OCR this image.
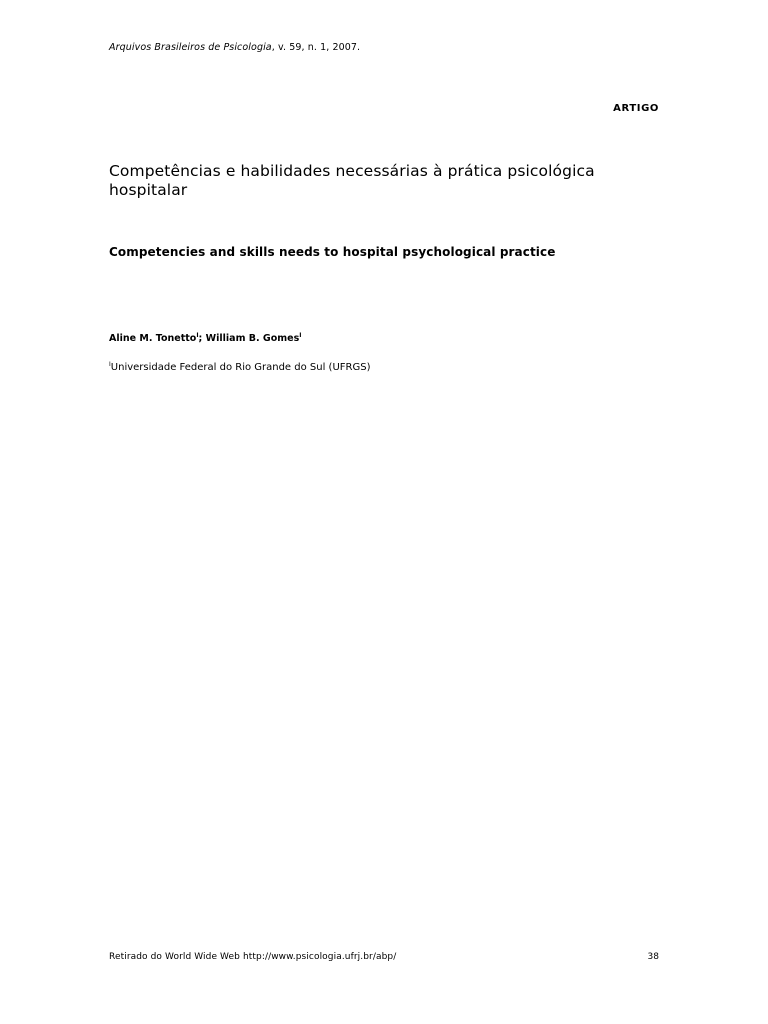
Arquivos Brasileiros de Psicologia, v. 59, n. 1, 2007.
ARTIGO
Competências e habilidades necessárias à prática psicológica hospitalar
Competencies and skills needs to hospital psychological practice
Aline M. Tonetto$^I$; William B. Gomes$^I$
$^I$Universidade Federal do Rio Grande do Sul (UFRGS)
Retirado do World Wide Web http://www.psicologia.ufrj.br/abp/	38
